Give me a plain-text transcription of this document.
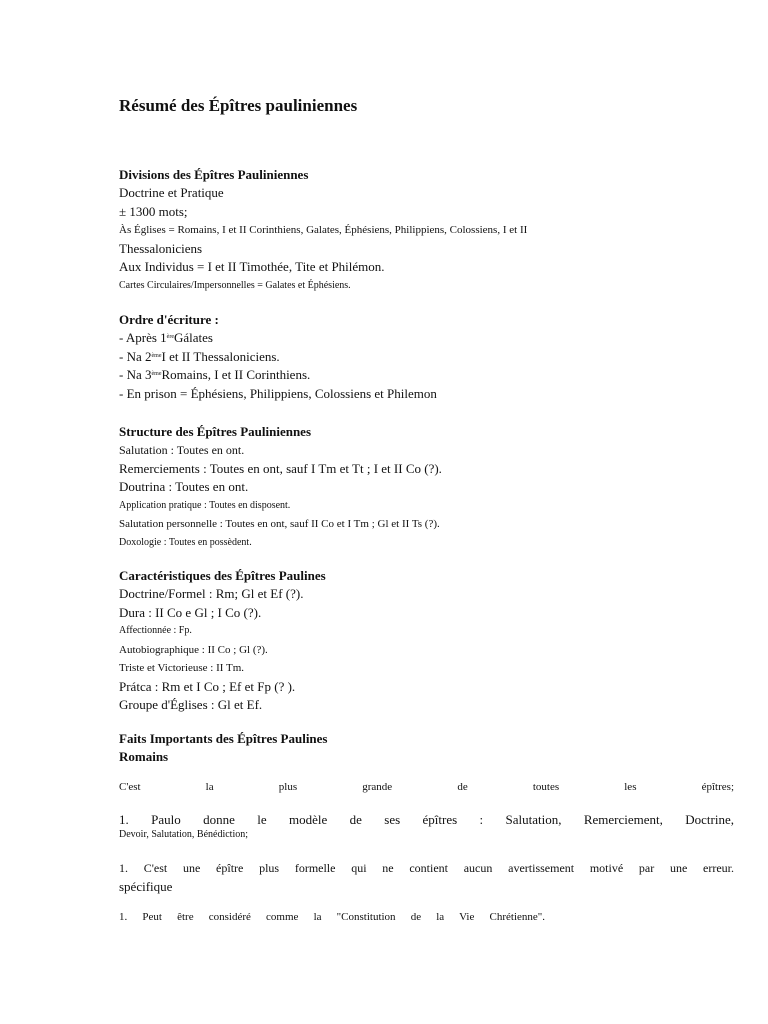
Résumé des Épîtres pauliniennes

Divisions des Épîtres Pauliniennes

Doctrine et Pratique

± 1300 mots;

Às Églises = Romains, I et II Corinthiens, Galates, Éphésiens, Philippiens, Colossiens, I et II

Thessaloniciens

Aux Individus = I et II Timothée, Tite et Philémon.

Cartes Circulaires/Impersonnelles = Galates et Éphésiens.

Ordre d'écriture :

- Après 1èreGálates

- Na 2èmeI et II Thessaloniciens.

- Na 3èmeRomains, I et II Corinthiens.

- En prison = Éphésiens, Philippiens, Colossiens et Philemon

Structure des Épîtres Pauliniennes

Salutation : Toutes en ont.

Remerciements : Toutes en ont, sauf I Tm et Tt ; I et II Co (?).

Doutrina : Toutes en ont.

Application pratique : Toutes en disposent.

Salutation personnelle : Toutes en ont, sauf II Co et I Tm ; Gl et II Ts (?).

Doxologie : Toutes en possèdent.

Caractéristiques des Épîtres Paulines

Doctrine/Formel : Rm; Gl et Ef (?).

Dura : II Co e Gl ; I Co (?).

Affectionnée : Fp.

Autobiographique : II Co ; Gl (?).

Triste et Victorieuse : II Tm.

Prátca : Rm et I Co ; Ef et Fp (? ).

Groupe d'Églises : Gl et Ef.

Faits Importants des Épîtres Paulines

Romains

C'est la plus grande de toutes les épîtres;

1. Paulo donne le modèle de ses épîtres : Salutation, Remerciement, Doctrine,

Devoir, Salutation, Bénédiction;

1. C'est une épître plus formelle qui ne contient aucun avertissement motivé par une erreur.

spécifique

1. Peut être considéré comme la "Constitution de la Vie Chrétienne".
